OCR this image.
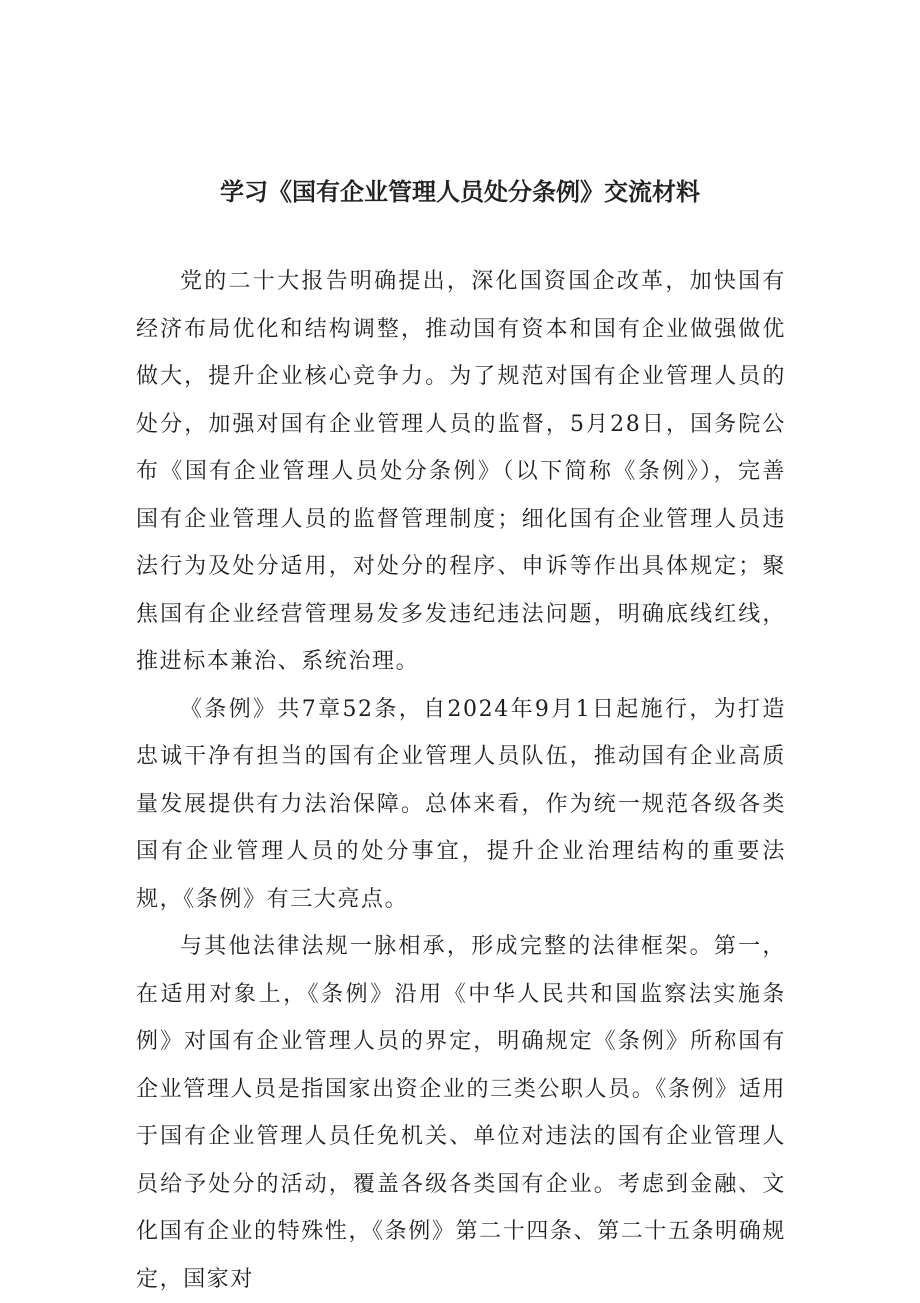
学习《国有企业管理人员处分条例》交流材料

党的二十大报告明确提出，深化国资国企改革，加快国有经济布局优化和结构调整，推动国有资本和国有企业做强做优做大，提升企业核心竞争力。为了规范对国有企业管理人员的处分，加强对国有企业管理人员的监督，5月28日，国务院公布《国有企业管理人员处分条例》（以下简称《条例》），完善国有企业管理人员的监督管理制度；细化国有企业管理人员违法行为及处分适用，对处分的程序、申诉等作出具体规定；聚焦国有企业经营管理易发多发违纪违法问题，明确底线红线，推进标本兼治、系统治理。

《条例》共7章52条，自2024年9月1日起施行，为打造忠诚干净有担当的国有企业管理人员队伍，推动国有企业高质量发展提供有力法治保障。总体来看，作为统一规范各级各类国有企业管理人员的处分事宜，提升企业治理结构的重要法规，《条例》有三大亮点。

与其他法律法规一脉相承，形成完整的法律框架。第一，在适用对象上，《条例》沿用《中华人民共和国监察法实施条例》对国有企业管理人员的界定，明确规定《条例》所称国有企业管理人员是指国家出资企业的三类公职人员。《条例》适用于国有企业管理人员任免机关、单位对违法的国有企业管理人员给予处分的活动，覆盖各级各类国有企业。考虑到金融、文化国有企业的特殊性，《条例》第二十四条、第二十五条明确规定，国家对
